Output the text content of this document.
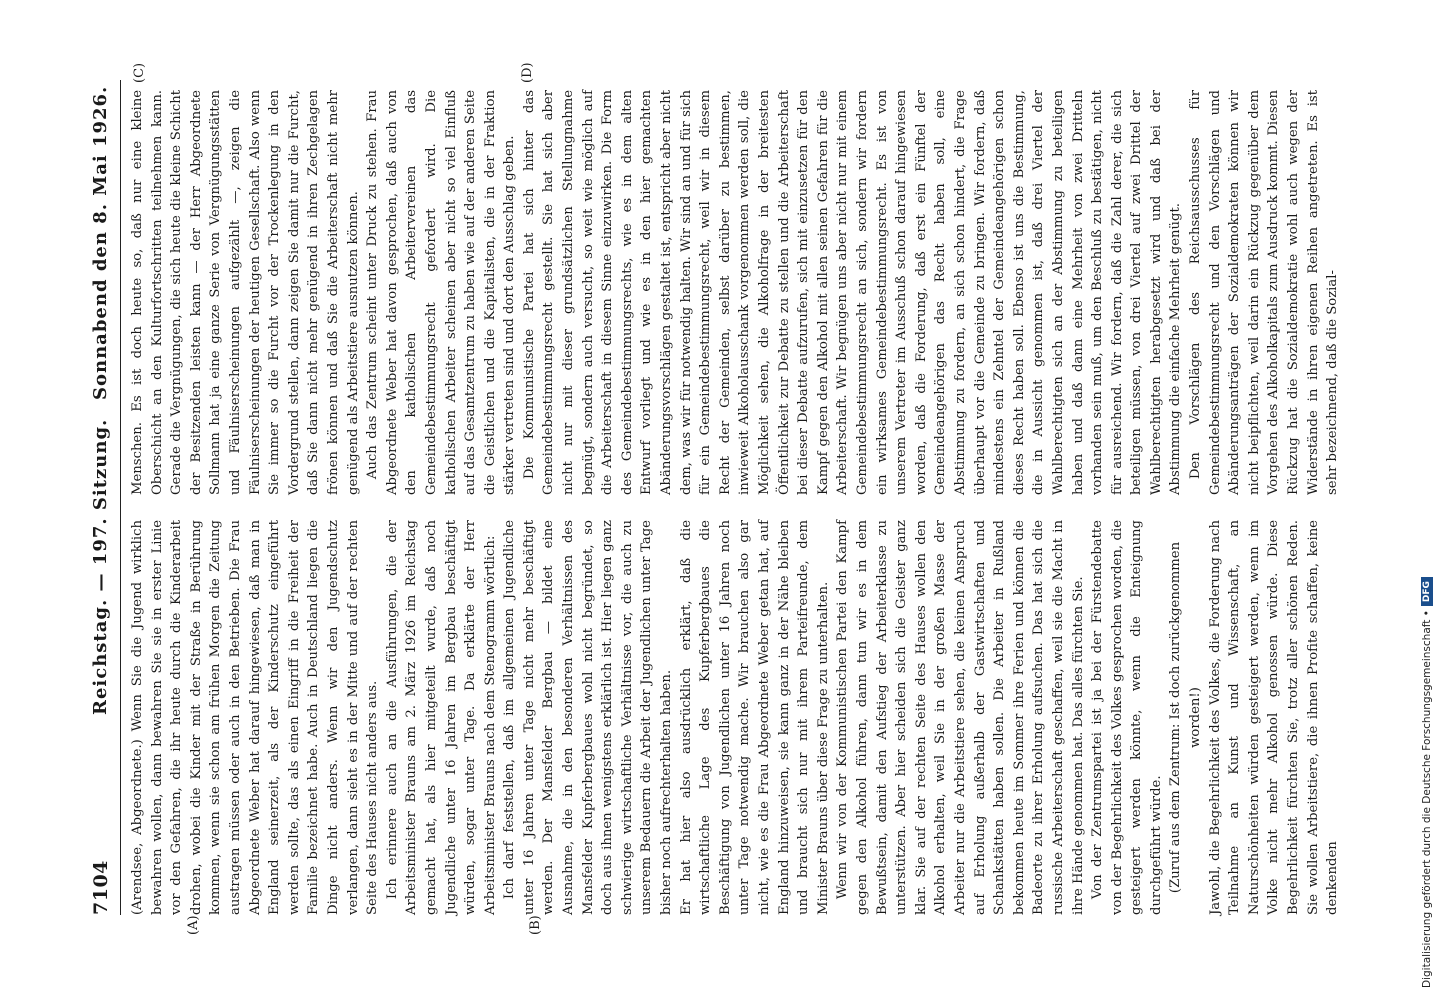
7104
Reichstag. — 197. Sitzung.
Sonnabend den 8. Mai 1926.
(A)	(B)
(C)	(D)

(Arendsee, Abgeordnete.) Wenn Sie die Jugend wirklich bewahren wollen, dann bewahren Sie sie in erster Linie vor den Gefahren, die ihr heute durch die Kinderarbeit drohen, wobei die Kinder mit der Straße in Berührung kommen, wenn sie schon am frühen Morgen die Zeitung austragen müssen oder auch in den Betrieben. Die Frau Abgeordnete Weber hat darauf hingewiesen, daß man in England seinerzeit, als der Kinderschutz eingeführt werden sollte, das als einen Eingriff in die Freiheit der Familie bezeichnet habe. Auch in Deutschland liegen die Dinge nicht anders. Wenn wir den Jugendschutz verlangen, dann sieht es in der Mitte und auf der rechten Seite des Hauses nicht anders aus. Ich erinnere auch an die Ausführungen, die der Arbeitsminister Brauns am 2. März 1926 im Reichstag gemacht hat, als hier mitgeteilt wurde, daß noch Jugendliche unter 16 Jahren im Bergbau beschäftigt würden, sogar unter Tage. Da erklärte der Herr Arbeitsminister Brauns nach dem Stenogramm wörtlich: Ich darf feststellen, daß im allgemeinen Jugendliche unter 16 Jahren unter Tage nicht mehr beschäftigt werden. Der Mansfelder Bergbau — bildet eine Ausnahme, die in den besonderen Verhältnissen des Mansfelder Kupferbergbaues wohl nicht begründet, so doch aus ihnen wenigstens erklärlich ist. Hier liegen ganz schwierige wirtschaftliche Verhältnisse vor, die auch zu unserem Bedauern die Arbeit der Jugendlichen unter Tage bisher noch aufrechterhalten haben. Er hat hier also ausdrücklich erklärt, daß die wirtschaftliche Lage des Kupferbergbaues die Beschäftigung von Jugendlichen unter 16 Jahren noch unter Tage notwendig mache. Wir brauchen also gar nicht, wie es die Frau Abgeordnete Weber getan hat, auf England hinzuweisen, sie kann ganz in der Nähe bleiben und braucht sich nur mit ihrem Parteifreunde, dem Minister Brauns über diese Frage zu unterhalten. Wenn wir von der Kommunistischen Partei den Kampf gegen den Alkohol führen, dann tun wir es in dem Bewußtsein, damit den Aufstieg der Arbeiterklasse zu unterstützen. Aber hier scheiden sich die Geister ganz klar. Sie auf der rechten Seite des Hauses wollen den Alkohol erhalten, weil Sie in der großen Masse der Arbeiter nur die Arbeitstiere sehen, die keinen Anspruch auf Erholung außerhalb der Gastwirtschaften und Schankstätten haben sollen. Die Arbeiter in Rußland bekommen heute im Sommer ihre Ferien und können die Badeorte zu ihrer Erholung aufsuchen. Das hat sich die russische Arbeiterschaft geschaffen, weil sie die Macht in ihre Hände genommen hat. Das alles fürchten Sie. Von der Zentrumspartei ist ja bei der Fürstendebatte von der Begehrlichkeit des Volkes gesprochen worden, die gesteigert werden könnte, wenn die Enteignung durchgeführt würde. (Zuruf aus dem Zentrum: Ist doch zurückgenommen worden!) Jawohl, die Begehrlichkeit des Volkes, die Forderung nach Teilnahme an Kunst und Wissenschaft, an Naturschönheiten würden gesteigert werden, wenn im Volke nicht mehr Alkohol genossen würde. Diese Begehrlichkeit fürchten Sie, trotz aller schönen Reden. Sie wollen Arbeitstiere, die ihnen Profite schaffen, keine denkenden

Menschen. Es ist doch heute so, daß nur eine kleine Oberschicht an den Kulturfortschritten teilnehmen kann. Gerade die Vergnügungen, die sich heute die kleine Schicht der Besitzenden leisten kann — der Herr Abgeordnete Sollmann hat ja eine ganze Serie von Vergnügungsstätten und Fäulniserscheinungen aufgezählt —, zeigen die Fäulniserscheinungen der heutigen Gesellschaft. Also wenn Sie immer so die Furcht vor der Trockenlegung in den Vordergrund stellen, dann zeigen Sie damit nur die Furcht, daß Sie dann nicht mehr genügend in ihren Zechgelagen frönen können und daß Sie die Arbeiterschaft nicht mehr genügend als Arbeitstiere ausnutzen können. Auch das Zentrum scheint unter Druck zu stehen. Frau Abgeordnete Weber hat davon gesprochen, daß auch von den katholischen Arbeitervereinen das Gemeindebestimmungsrecht gefordert wird. Die katholischen Arbeiter scheinen aber nicht so viel Einfluß auf das Gesamtzentrum zu haben wie auf der anderen Seite die Geistlichen und die Kapitalisten, die in der Fraktion stärker vertreten sind und dort den Ausschlag geben. Die Kommunistische Partei hat sich hinter das Gemeindebestimmungsrecht gestellt. Sie hat sich aber nicht nur mit dieser grundsätzlichen Stellungnahme begnügt, sondern auch versucht, so weit wie möglich auf die Arbeiterschaft in diesem Sinne einzuwirken. Die Form des Gemeindebestimmungsrechts, wie es in dem alten Entwurf vorliegt und wie es in den hier gemachten Abänderungsvorschlägen gestaltet ist, entspricht aber nicht dem, was wir für notwendig halten. Wir sind an und für sich für ein Gemeindebestimmungsrecht, weil wir in diesem Recht der Gemeinden, selbst darüber zu bestimmen, inwieweit Alkoholausschank vorgenommen werden soll, die Möglichkeit sehen, die Alkoholfrage in der breitesten Öffentlichkeit zur Debatte zu stellen und die Arbeiterschaft bei dieser Debatte aufzurufen, sich mit einzusetzen für den Kampf gegen den Alkohol mit allen seinen Gefahren für die Arbeiterschaft. Wir begnügen uns aber nicht nur mit einem Gemeindebestimmungsrecht an sich, sondern wir fordern ein wirksames Gemeindebestimmungsrecht. Es ist von unserem Vertreter im Ausschuß schon darauf hingewiesen worden, daß die Forderung, daß erst ein Fünftel der Gemeindeangehörigen das Recht haben soll, eine Abstimmung zu fordern, an sich schon hindert, die Frage überhaupt vor die Gemeinde zu bringen. Wir fordern, daß mindestens ein Zehntel der Gemeindeangehörigen schon dieses Recht haben soll. Ebenso ist uns die Bestimmung, die in Aussicht genommen ist, daß drei Viertel der Wahlberechtigten sich an der Abstimmung zu beteiligen haben und daß dann eine Mehrheit von zwei Dritteln vorhanden sein muß, um den Beschluß zu bestätigen, nicht für ausreichend. Wir fordern, daß die Zahl derer, die sich beteiligen müssen, von drei Viertel auf zwei Drittel der Wahlberechtigten herabgesetzt wird und daß bei der Abstimmung die einfache Mehrheit genügt. Den Vorschlägen des Reichsausschusses für Gemeindebestimmungsrecht und den Vorschlägen und Abänderungsanträgen der Sozialdemokraten können wir nicht beipflichten, weil darin ein Rückzug gegenüber dem Vorgehen des Alkoholkapitals zum Ausdruck kommt. Diesen Rückzug hat die Sozialdemokratie wohl auch wegen der Widerstände in ihren eigenen Reihen angetreten. Es ist sehr bezeichnend, daß die Sozial-

Digitalisierung gefördert durch die Deutsche Forschungsgemeinschaft •
DFG
